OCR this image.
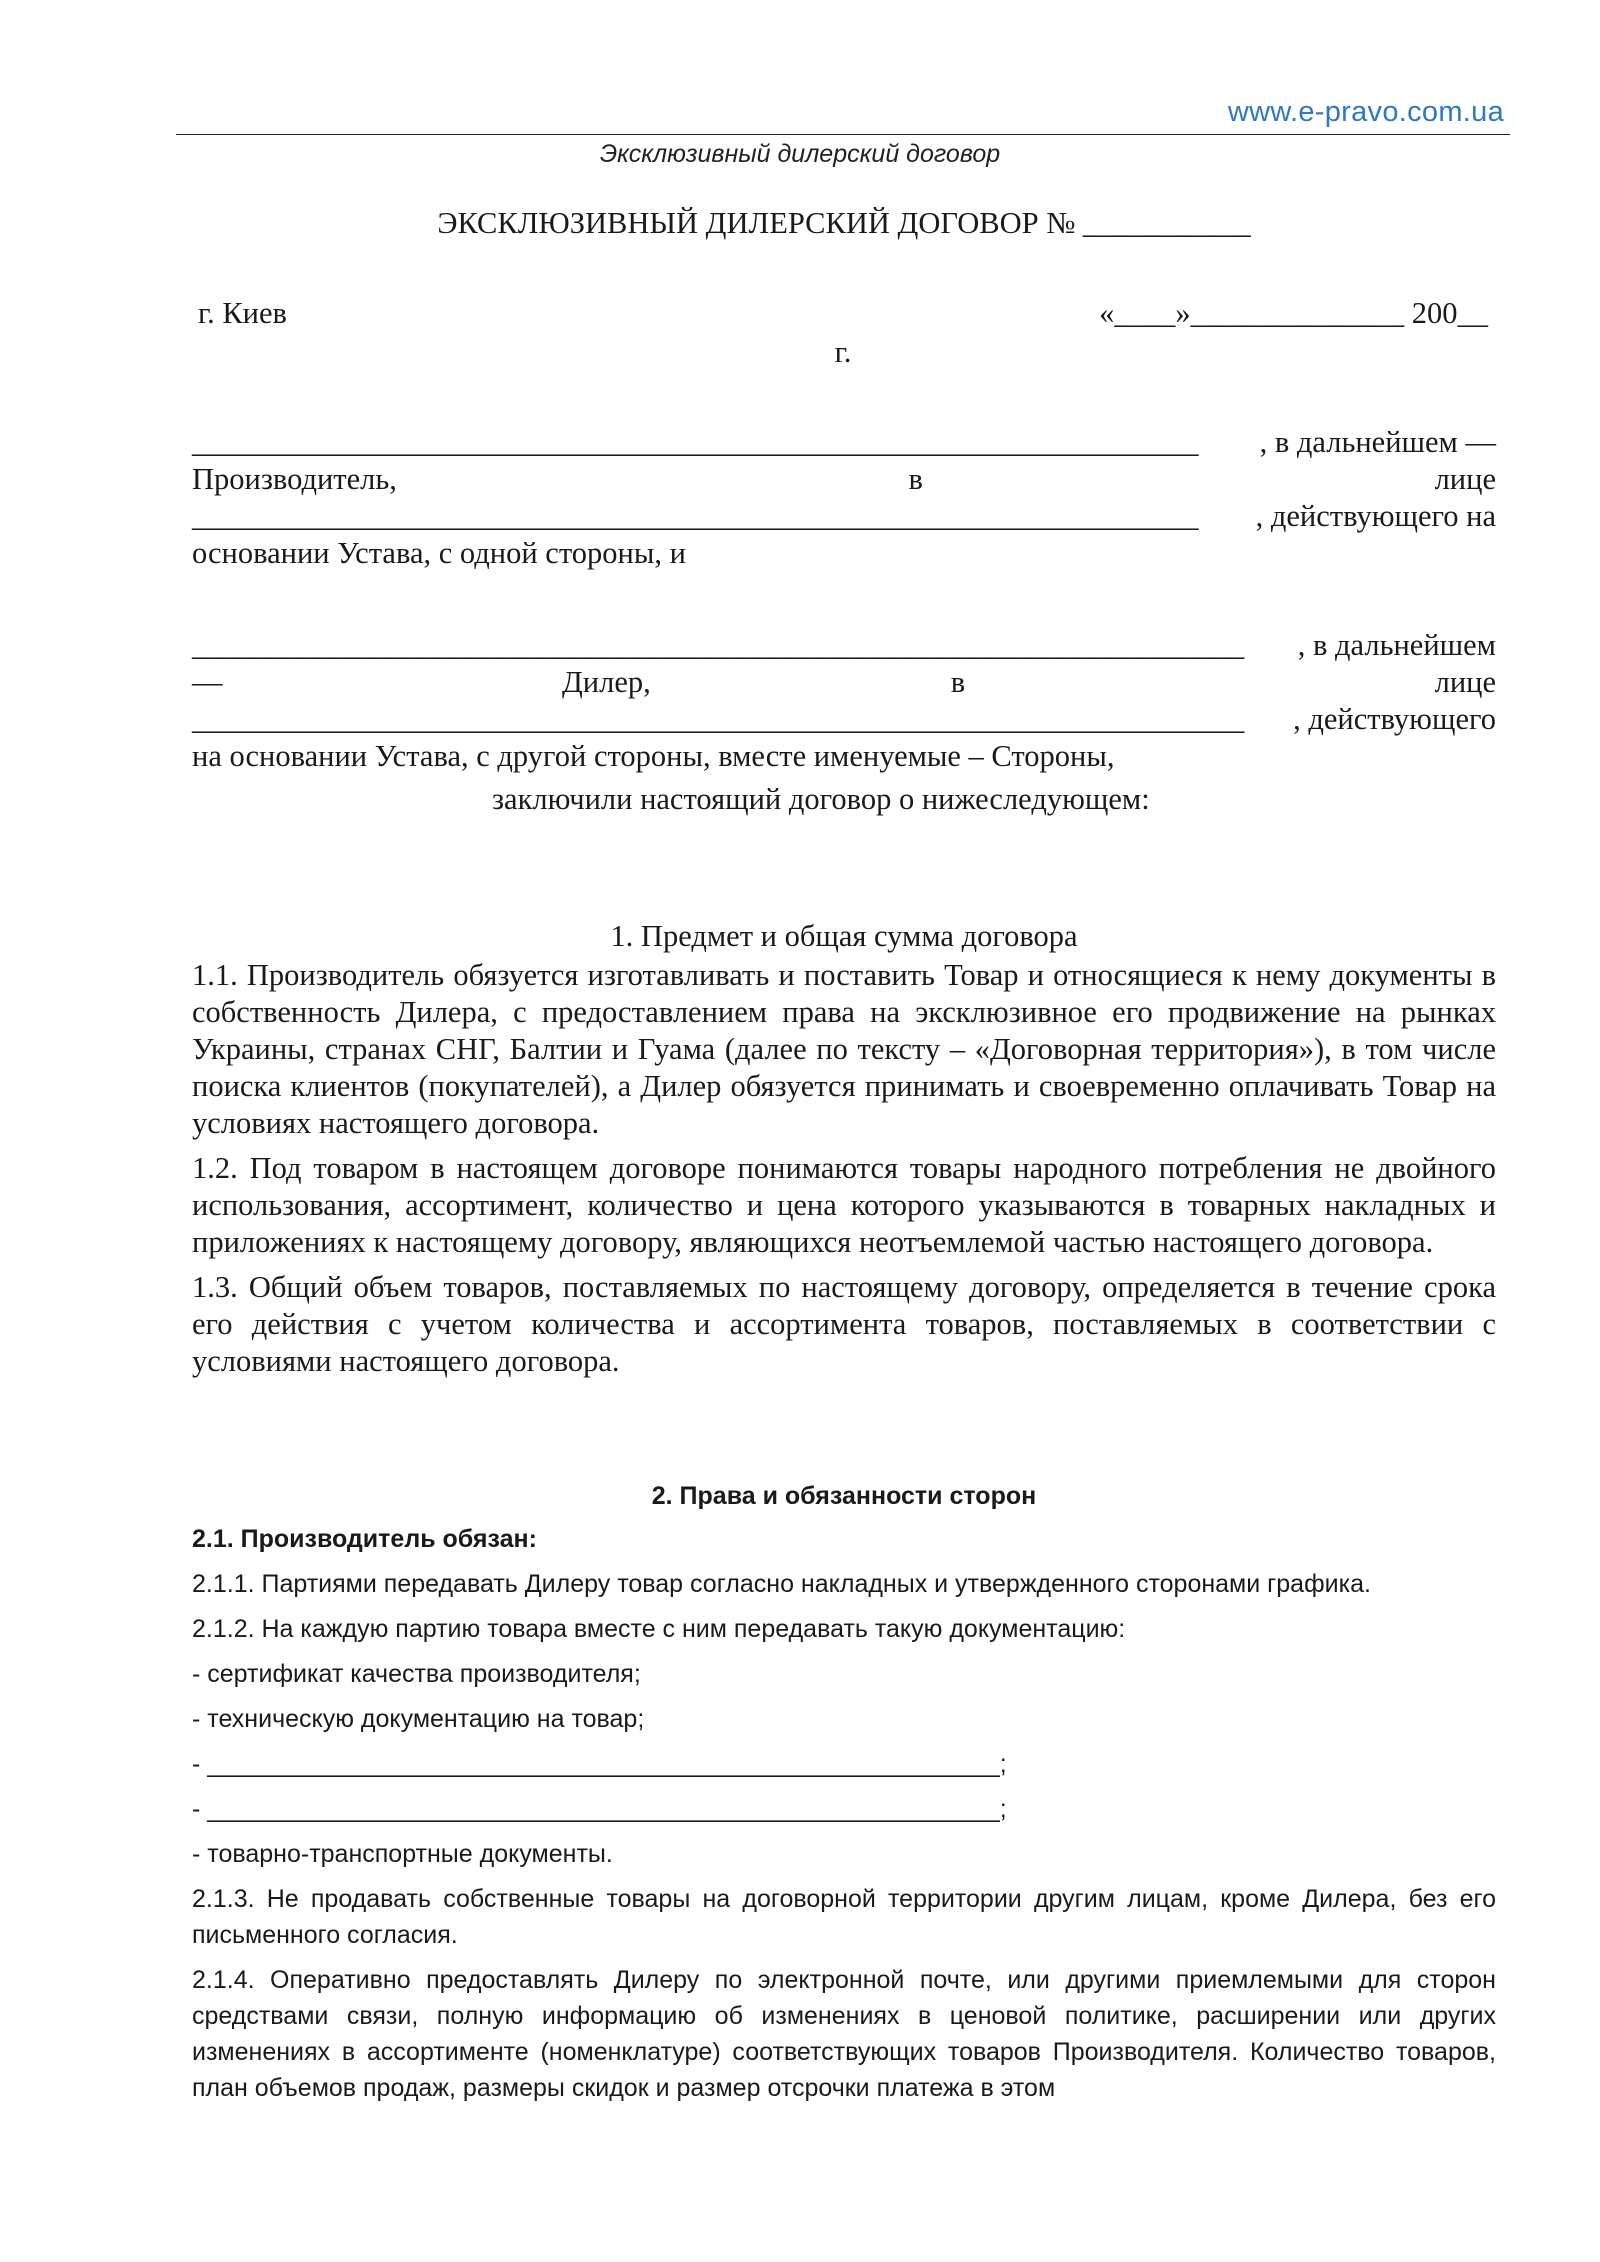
www.e-pravo.com.ua
Эксклюзивный дилерский договор
ЭКСКЛЮЗИВНЫЙ ДИЛЕРСКИЙ ДОГОВОР № ___________
г. Киев	«____»______________ 200__
г.
__________________________________________________________________ , в дальнейшем —
Производитель,	в	лице
__________________________________________________________________ , действующего на

основании Устава, с одной стороны, и

_____________________________________________________________________ , в дальнейшем
—	Дилер,	в	лице
_____________________________________________________________________ , действующего

на основании Устава, с другой стороны, вместе именуемые – Стороны,

заключили настоящий договор о нижеследующем:

1. Предмет и общая сумма договора

1.1. Производитель обязуется изготавливать и поставить Товар и относящиеся к нему документы в собственность Дилера, с предоставлением права на эксклюзивное его продвижение на рынках Украины, странах СНГ, Балтии и Гуама (далее по тексту – «Договорная территория»), в том числе поиска клиентов (покупателей), а Дилер обязуется принимать и своевременно оплачивать Товар на условиях настоящего договора.

1.2. Под товаром в настоящем договоре понимаются товары народного потребления не двойного использования, ассортимент, количество и цена которого указываются в товарных накладных и приложениях к настоящему договору, являющихся неотъемлемой частью настоящего договора.

1.3. Общий объем товаров, поставляемых по настоящему договору, определяется в течение срока его действия с учетом количества и ассортимента товаров, поставляемых в соответствии с условиями настоящего договора.

2. Права и обязанности сторон

2.1. Производитель обязан:

2.1.1. Партиями передавать Дилеру товар согласно накладных и утвержденного сторонами графика.

2.1.2. На каждую партию товара вместе с ним передавать такую документацию:

- сертификат качества производителя;

- техническую документацию на товар;

- _________________________________________________________;

- _________________________________________________________;

- товарно-транспортные документы.

2.1.3. Не продавать собственные товары на договорной территории другим лицам, кроме Дилера, без его письменного согласия.

2.1.4. Оперативно предоставлять Дилеру по электронной почте, или другими приемлемыми для сторон средствами связи, полную информацию об изменениях в ценовой политике, расширении или других изменениях в ассортименте (номенклатуре) соответствующих товаров Производителя. Количество товаров, план объемов продаж, размеры скидок и размер отсрочки платежа в этом
